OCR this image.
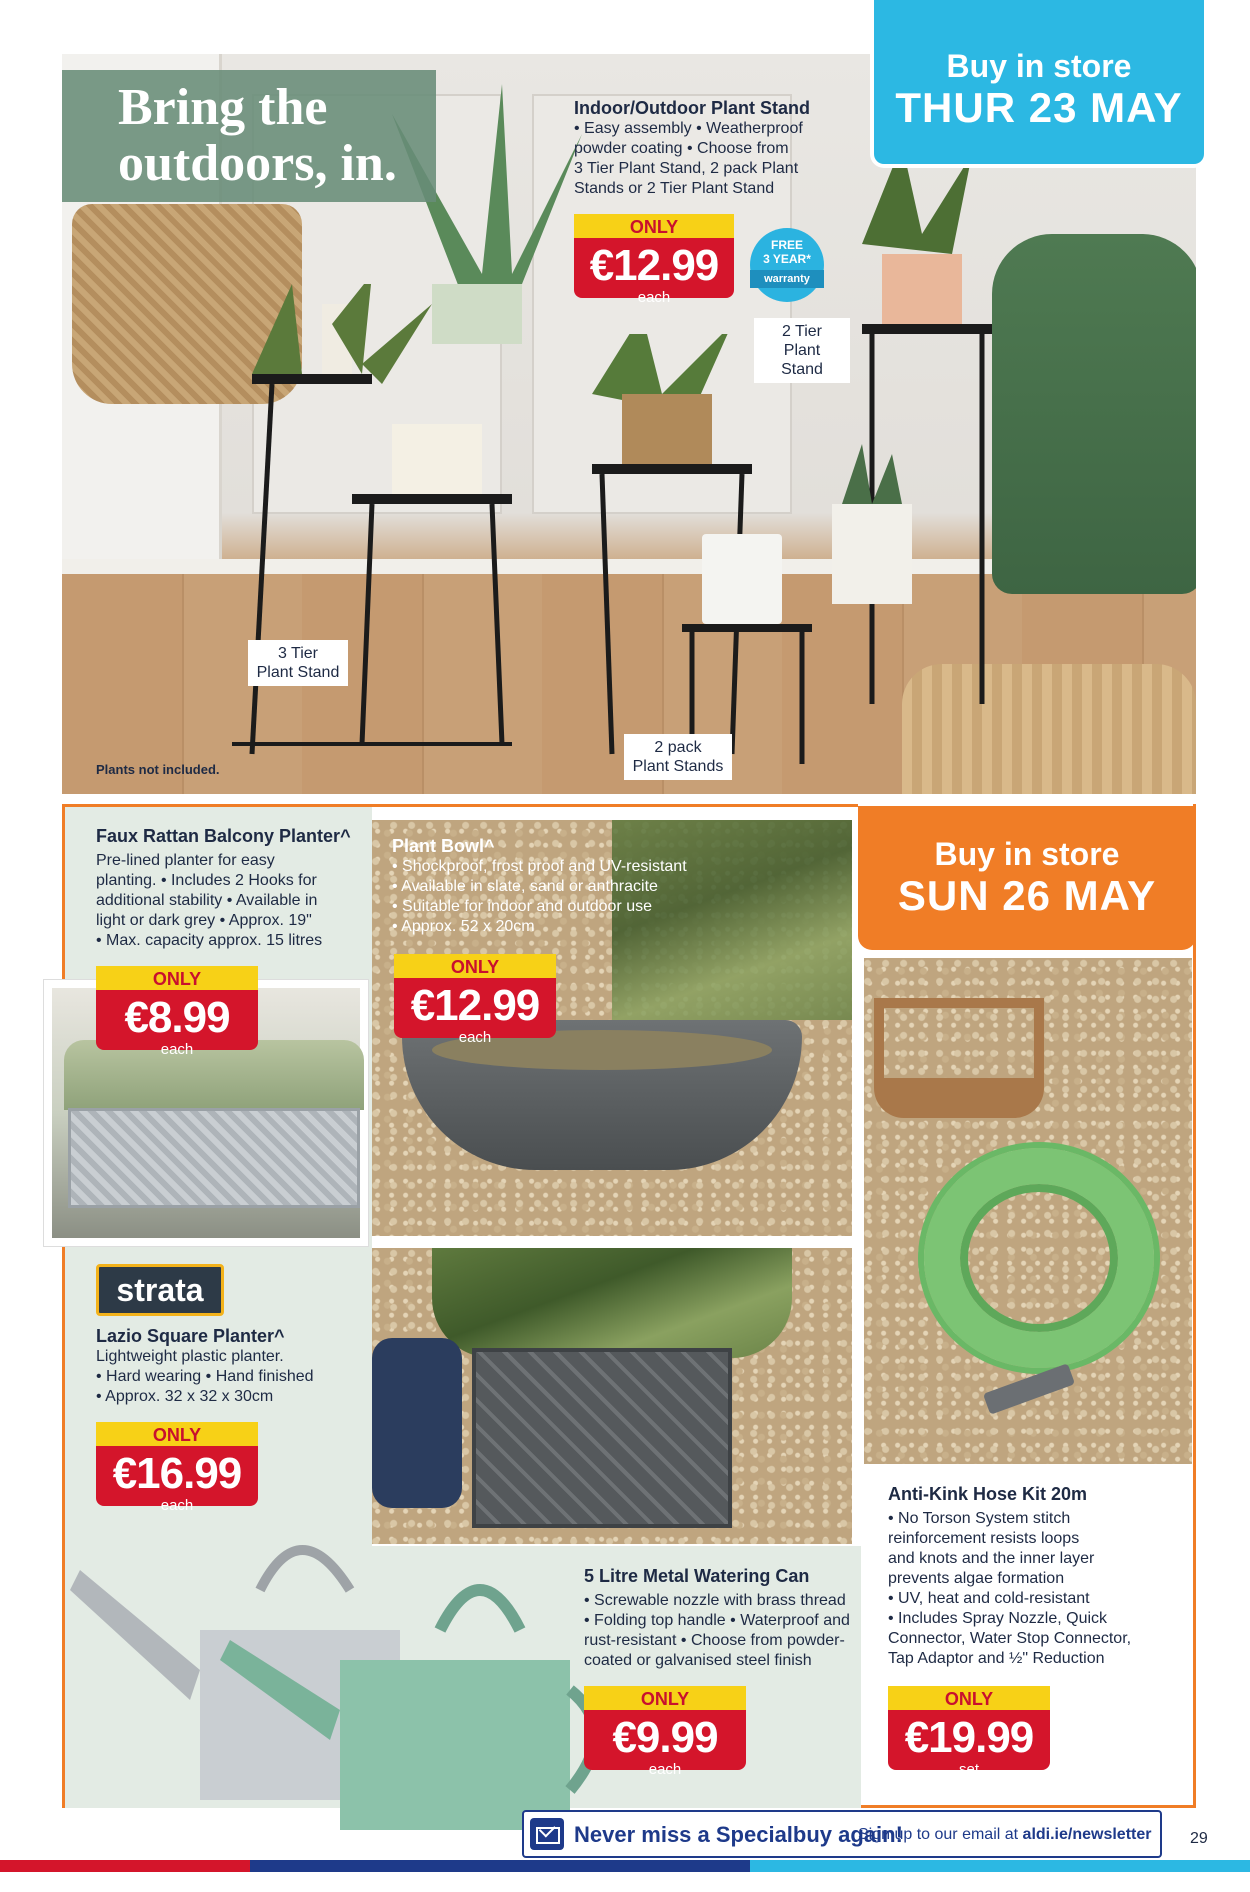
Bring the
outdoors, in.
Buy in store
THUR 23 MAY
Indoor/Outdoor Plant Stand
• Easy assembly • Weatherproof
powder coating • Choose from
3 Tier Plant Stand, 2 pack Plant
Stands or 2 Tier Plant Stand
ONLY
€12.99
each
FREE
3 YEAR*
warranty
2 Tier
Plant Stand
3 Tier
Plant Stand
2 pack
Plant Stands
Plants not included.
Faux Rattan Balcony Planter^
Pre-lined planter for easy
planting. • Includes 2 Hooks for
additional stability • Available in
light or dark grey • Approx. 19"
• Max. capacity approx. 15 litres
ONLY
€8.99
each
Plant Bowl^
• Shockproof, frost proof and UV-resistant
• Available in slate, sand or anthracite
• Suitable for indoor and outdoor use
• Approx. 52 x 20cm
ONLY
€12.99
each
Buy in store
SUN 26 MAY
Anti-Kink Hose Kit 20m
• No Torson System stitch
reinforcement resists loops
and knots and the inner layer
prevents algae formation
• UV, heat and cold-resistant
• Includes Spray Nozzle, Quick
Connector, Water Stop Connector,
Tap Adaptor and ½" Reduction
ONLY
€19.99
set
strata
Lazio Square Planter^
Lightweight plastic planter.
• Hard wearing • Hand finished
• Approx. 32 x 32 x 30cm
ONLY
€16.99
each
5 Litre Metal Watering Can
• Screwable nozzle with brass thread
• Folding top handle • Waterproof and
rust-resistant • Choose from powder-
coated or galvanised steel finish
ONLY
€9.99
each
Never miss a Specialbuy again!
Sign up to our email at aldi.ie/newsletter 29
